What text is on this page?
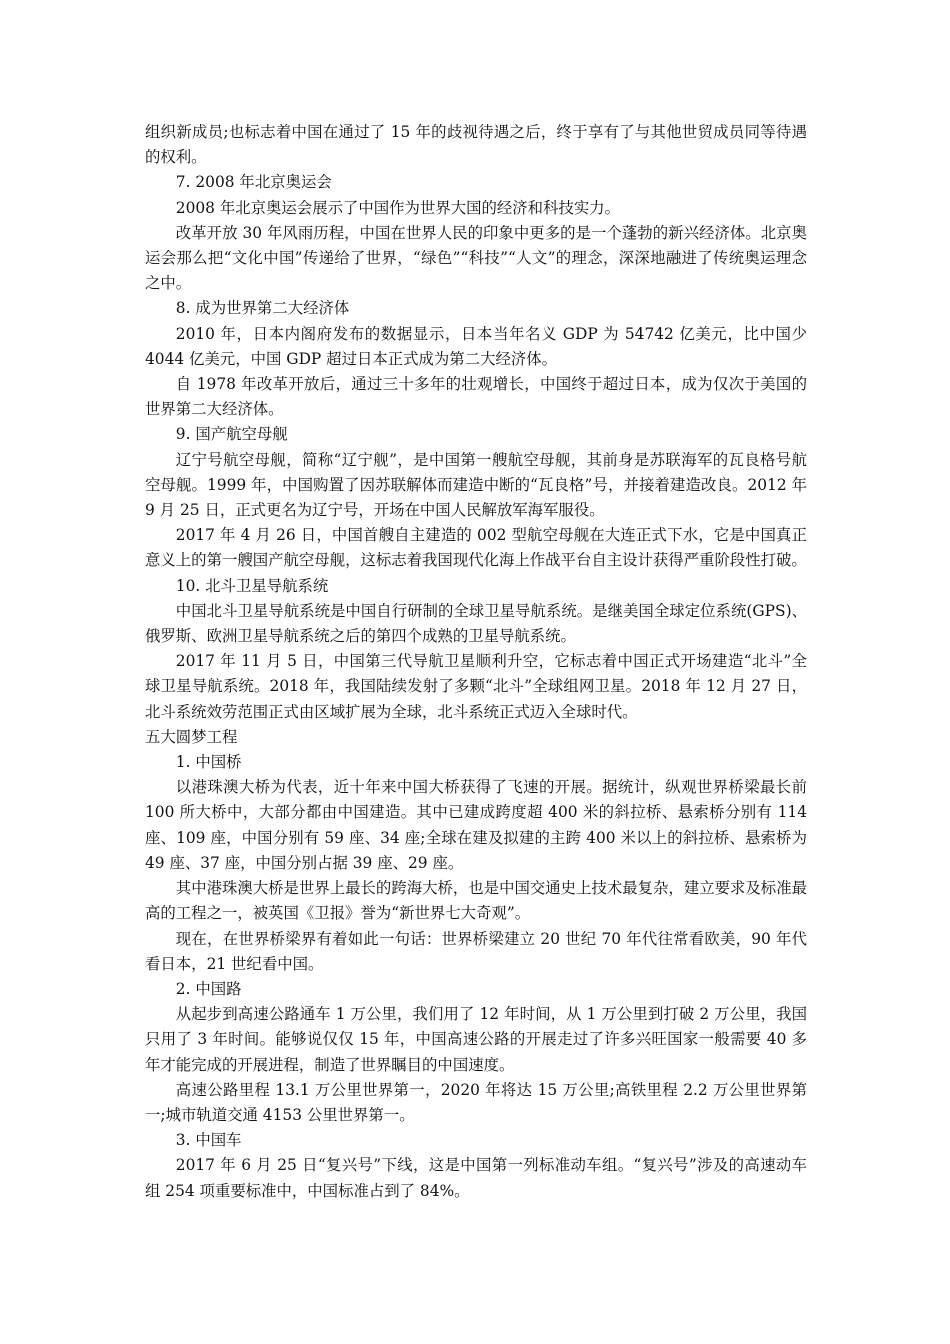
组织新成员;也标志着中国在通过了 15 年的歧视待遇之后，终于享有了与其他世贸成员同等待遇的权利。

7. 2008 年北京奥运会

2008 年北京奥运会展示了中国作为世界大国的经济和科技实力。

改革开放 30 年风雨历程，中国在世界人民的印象中更多的是一个蓬勃的新兴经济体。北京奥运会那么把“文化中国”传递给了世界，“绿色”“科技”“人文”的理念，深深地融进了传统奥运理念之中。

8. 成为世界第二大经济体

2010 年，日本内阁府发布的数据显示，日本当年名义 GDP 为 54742 亿美元，比中国少 4044 亿美元，中国 GDP 超过日本正式成为第二大经济体。

自 1978 年改革开放后，通过三十多年的壮观增长，中国终于超过日本，成为仅次于美国的世界第二大经济体。

9. 国产航空母舰

辽宁号航空母舰，简称“辽宁舰”，是中国第一艘航空母舰，其前身是苏联海军的瓦良格号航空母舰。1999 年，中国购置了因苏联解体而建造中断的“瓦良格”号，并接着建造改良。2012 年 9 月 25 日，正式更名为辽宁号，开场在中国人民解放军海军服役。

2017 年 4 月 26 日，中国首艘自主建造的 002 型航空母舰在大连正式下水，它是中国真正意义上的第一艘国产航空母舰，这标志着我国现代化海上作战平台自主设计获得严重阶段性打破。

10. 北斗卫星导航系统

中国北斗卫星导航系统是中国自行研制的全球卫星导航系统。是继美国全球定位系统(GPS)、俄罗斯、欧洲卫星导航系统之后的第四个成熟的卫星导航系统。

2017 年 11 月 5 日，中国第三代导航卫星顺利升空，它标志着中国正式开场建造“北斗”全球卫星导航系统。2018 年，我国陆续发射了多颗“北斗”全球组网卫星。2018 年 12 月 27 日，北斗系统效劳范围正式由区域扩展为全球，北斗系统正式迈入全球时代。

五大圆梦工程

1. 中国桥

以港珠澳大桥为代表，近十年来中国大桥获得了飞速的开展。据统计，纵观世界桥梁最长前 100 所大桥中，大部分都由中国建造。其中已建成跨度超 400 米的斜拉桥、悬索桥分别有 114 座、109 座，中国分别有 59 座、34 座;全球在建及拟建的主跨 400 米以上的斜拉桥、悬索桥为 49 座、37 座，中国分别占据 39 座、29 座。

其中港珠澳大桥是世界上最长的跨海大桥，也是中国交通史上技术最复杂，建立要求及标准最高的工程之一，被英国《卫报》誉为“新世界七大奇观”。

现在，在世界桥梁界有着如此一句话：世界桥梁建立 20 世纪 70 年代往常看欧美，90 年代看日本，21 世纪看中国。

2. 中国路

从起步到高速公路通车 1 万公里，我们用了 12 年时间，从 1 万公里到打破 2 万公里，我国只用了 3 年时间。能够说仅仅 15 年，中国高速公路的开展走过了许多兴旺国家一般需要 40 多年才能完成的开展进程，制造了世界瞩目的中国速度。

高速公路里程 13.1 万公里世界第一，2020 年将达 15 万公里;高铁里程 2.2 万公里世界第一;城市轨道交通 4153 公里世界第一。

3. 中国车

2017 年 6 月 25 日“复兴号”下线，这是中国第一列标准动车组。“复兴号”涉及的高速动车组 254 项重要标准中，中国标准占到了 84%。
